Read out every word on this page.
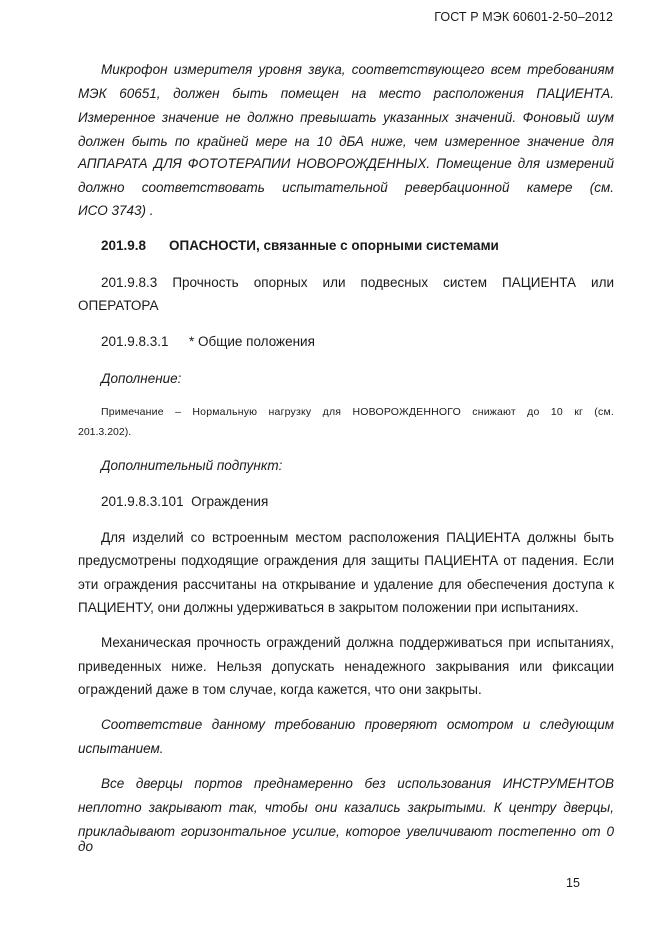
ГОСТ Р МЭК 60601-2-50–2012
Микрофон измерителя уровня звука, соответствующего всем требованиям
МЭК 60651, должен быть помещен на место расположения ПАЦИЕНТА.
Измеренное значение не должно превышать указанных значений. Фоновый шум
должен быть по крайней мере на 10 дБА ниже, чем измеренное значение для
АППАРАТА ДЛЯ ФОТОТЕРАПИИ НОВОРОЖДЕННЫХ. Помещение для измерений
должно соответствовать испытательной ревербационной камере (см.
ИСО 3743) .
201.9.8 ОПАСНОСТИ, связанные с опорными системами
201.9.8.3 Прочность опорных или подвесных систем ПАЦИЕНТА или
ОПЕРАТОРА
201.9.8.3.1 * Общие положения
Дополнение:
Примечание – Нормальную нагрузку для НОВОРОЖДЕННОГО снижают до 10 кг (см.
201.3.202).
Дополнительный подпункт:
201.9.8.3.101 Ограждения
Для изделий со встроенным местом расположения ПАЦИЕНТА должны быть
предусмотрены подходящие ограждения для защиты ПАЦИЕНТА от падения. Если
эти ограждения рассчитаны на открывание и удаление для обеспечения доступа к
ПАЦИЕНТУ, они должны удерживаться в закрытом положении при испытаниях.
Механическая прочность ограждений должна поддерживаться при испытаниях,
приведенных ниже. Нельзя допускать ненадежного закрывания или фиксации
ограждений даже в том случае, когда кажется, что они закрыты.
Соответствие данному требованию проверяют осмотром и следующим
испытанием.
Все дверцы портов преднамеренно без использования ИНСТРУМЕНТОВ
неплотно закрывают так, чтобы они казались закрытыми. К центру дверцы,
прикладывают горизонтальное усилие, которое увеличивают постепенно от 0 до
15
